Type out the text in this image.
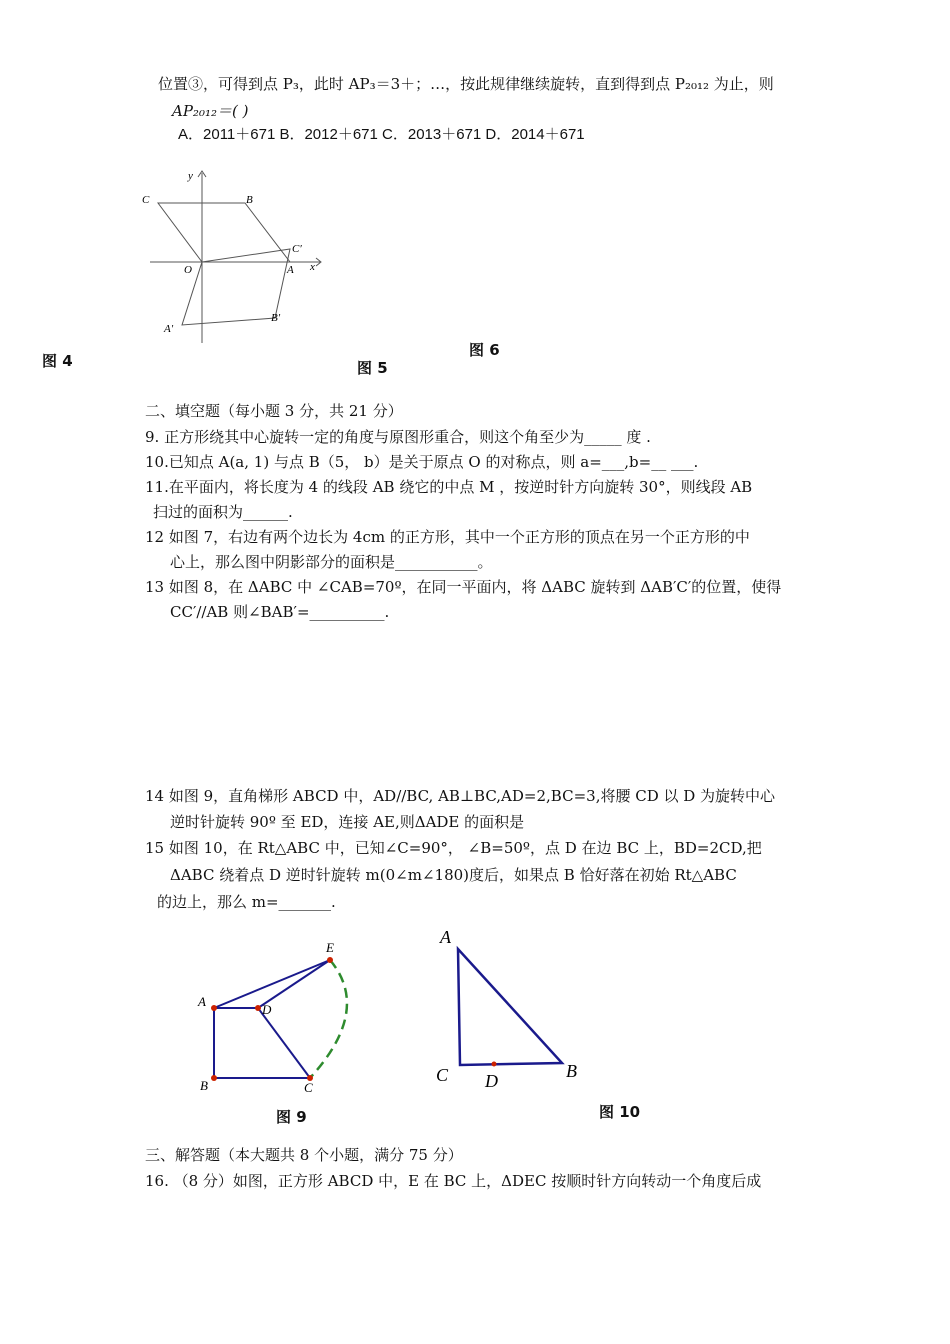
位置③，可得到点 P₃，此时 AP₃＝3＋；…，按此规律继续旋转，直到得到点 P₂₀₁₂ 为止，则
AP₂₀₁₂＝( )
A．2011＋671 B．2012＋671 C．2013＋671 D．2014＋671
y
x
C	B
O	A
C′
A′
B′
图 4	图 5
图 6
二、填空题（每小题 3 分，共 21 分）
9. 正方形绕其中心旋转一定的角度与原图形重合，则这个角至少为_____ 度 .
10.已知点 A(a, 1) 与点 B（5， b）是关于原点 O 的对称点，则 a=___,b=__ ___.
11.在平面内，将长度为 4 的线段 AB 绕它的中点 M ，按逆时针方向旋转 30°，则线段 AB
扫过的面积为______.
12 如图 7，右边有两个边长为 4cm 的正方形，其中一个正方形的顶点在另一个正方形的中
心上，那么图中阴影部分的面积是___________。
13 如图 8，在 ΔABC 中 ∠CAB=70º，在同一平面内，将 ΔABC 旋转到 ΔAB′C′的位置，使得
CC′//AB 则∠BAB′=__________.
14 如图 9，直角梯形 ABCD 中，AD//BC, AB⊥BC,AD=2,BC=3,将腰 CD 以 D 为旋转中心
逆时针旋转 90º 至 ED，连接 AE,则ΔADE 的面积是
15 如图 10，在 Rt△ABC 中，已知∠C=90°， ∠B=50º，点 D 在边 BC 上，BD=2CD,把
ΔABC 绕着点 D 逆时针旋转 m(0∠m∠180)度后，如果点 B 恰好落在初始 Rt△ABC
的边上，那么 m=_______.
E
A
D
B	C
A
C D	B
图 9	图 10
三、解答题（本大题共 8 个小题，满分 75 分）
16. （8 分）如图，正方形 ABCD 中，E 在 BC 上，ΔDEC 按顺时针方向转动一个角度后成
